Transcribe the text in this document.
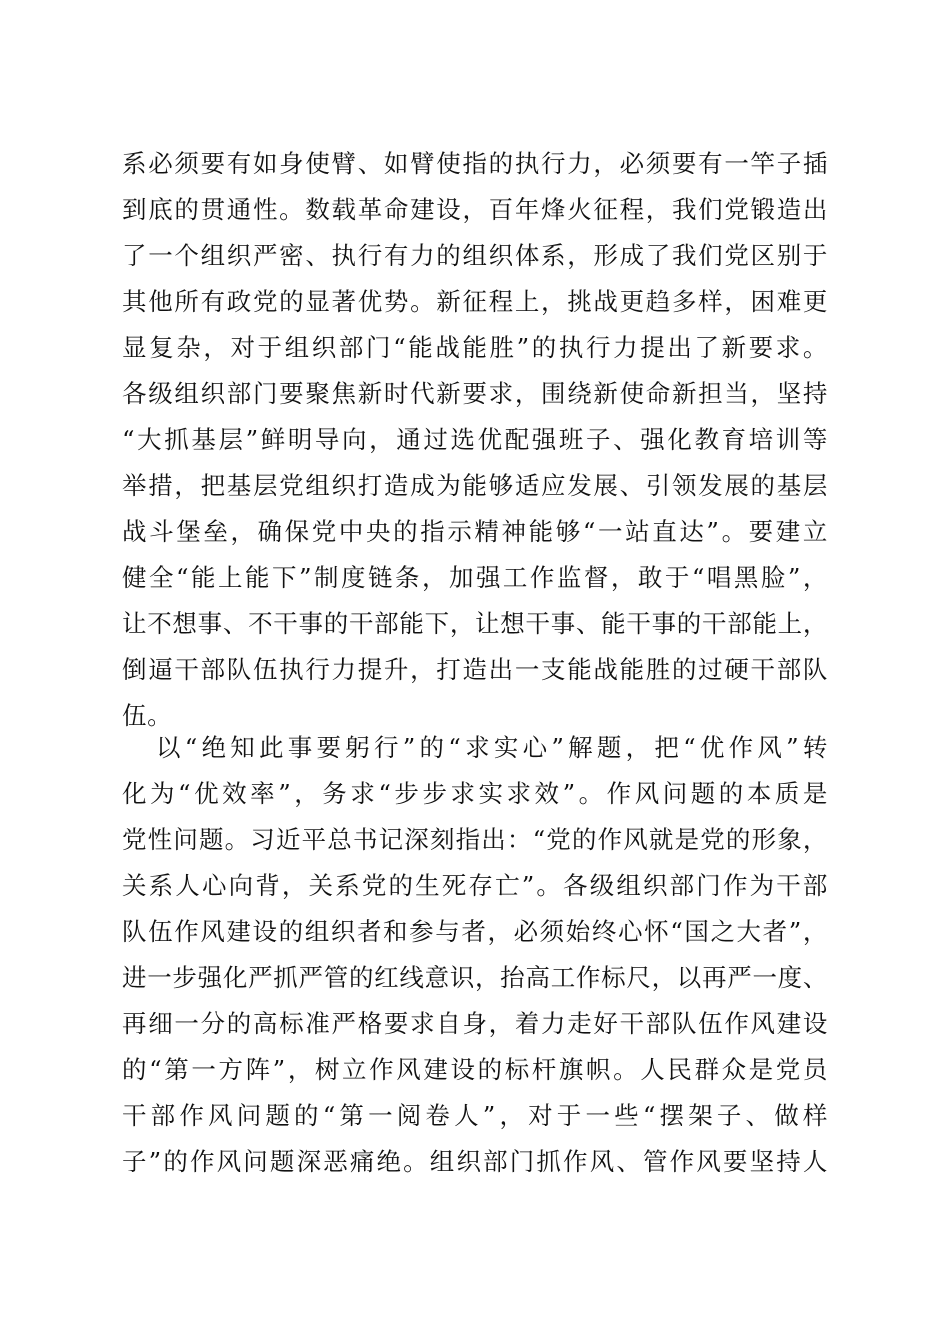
系必须要有如身使臂、如臂使指的执行力，必须要有一竿子插
到底的贯通性。数载革命建设，百年烽火征程，我们党锻造出
了一个组织严密、执行有力的组织体系，形成了我们党区别于
其他所有政党的显著优势。新征程上，挑战更趋多样，困难更
显复杂，对于组织部门“能战能胜”的执行力提出了新要求。
各级组织部门要聚焦新时代新要求，围绕新使命新担当，坚持
“大抓基层”鲜明导向，通过选优配强班子、强化教育培训等
举措，把基层党组织打造成为能够适应发展、引领发展的基层
战斗堡垒，确保党中央的指示精神能够“一站直达”。要建立
健全“能上能下”制度链条，加强工作监督，敢于“唱黑脸”，
让不想事、不干事的干部能下，让想干事、能干事的干部能上，
倒逼干部队伍执行力提升，打造出一支能战能胜的过硬干部队
伍。
以“绝知此事要躬行”的“求实心”解题，把“优作风”转
化为“优效率”，务求“步步求实求效”。作风问题的本质是
党性问题。习近平总书记深刻指出：“党的作风就是党的形象，
关系人心向背，关系党的生死存亡”。各级组织部门作为干部
队伍作风建设的组织者和参与者，必须始终心怀“国之大者”，
进一步强化严抓严管的红线意识，抬高工作标尺，以再严一度、
再细一分的高标准严格要求自身，着力走好干部队伍作风建设
的“第一方阵”，树立作风建设的标杆旗帜。人民群众是党员
干部作风问题的“第一阅卷人”，对于一些“摆架子、做样
子”的作风问题深恶痛绝。组织部门抓作风、管作风要坚持人
